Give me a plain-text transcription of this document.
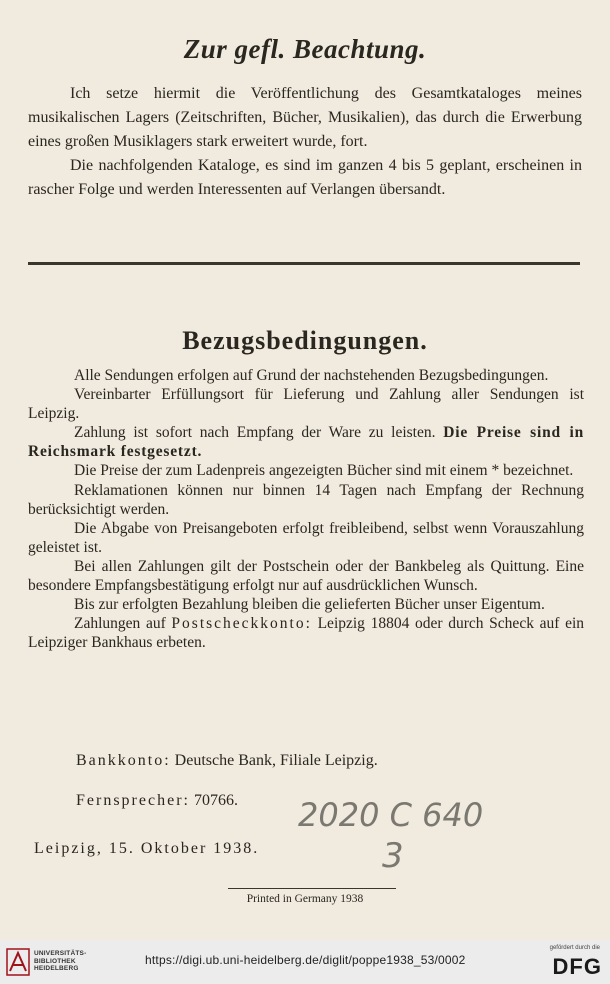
Zur gefl. Beachtung.
Ich setze hiermit die Veröffentlichung des Gesamtkataloges meines musikalischen Lagers (Zeitschriften, Bücher, Musikalien), das durch die Erwerbung eines großen Musiklagers stark erweitert wurde, fort.
Die nachfolgenden Kataloge, es sind im ganzen 4 bis 5 geplant, erscheinen in rascher Folge und werden Interessenten auf Verlangen übersandt.
Bezugsbedingungen.

Alle Sendungen erfolgen auf Grund der nachstehenden Bezugsbedingungen.

Vereinbarter Erfüllungsort für Lieferung und Zahlung aller Sendungen ist Leipzig.

Zahlung ist sofort nach Empfang der Ware zu leisten. Die Preise sind in Reichsmark festgesetzt.

Die Preise der zum Ladenpreis angezeigten Bücher sind mit einem * bezeichnet.

Reklamationen können nur binnen 14 Tagen nach Empfang der Rechnung berücksichtigt werden.

Die Abgabe von Preisangeboten erfolgt freibleibend, selbst wenn Vorauszahlung geleistet ist.

Bei allen Zahlungen gilt der Postschein oder der Bankbeleg als Quittung. Eine besondere Empfangsbestätigung erfolgt nur auf ausdrücklichen Wunsch.

Bis zur erfolgten Bezahlung bleiben die gelieferten Bücher unser Eigentum.

Zahlungen auf Postscheckkonto: Leipzig 18804 oder durch Scheck auf ein Leipziger Bankhaus erbeten.

Bankkonto: Deutsche Bank, Filiale Leipzig.
Fernsprecher: 70766. 2020 C 640
Leipzig, 15. Oktober 1938.	3
Printed in Germany 1938
UNIVERSITÄTS-
BIBLIOTHEK
HEIDELBERG
https://digi.ub.uni-heidelberg.de/diglit/poppe1938_53/0002
gefördert durch die
DFG
